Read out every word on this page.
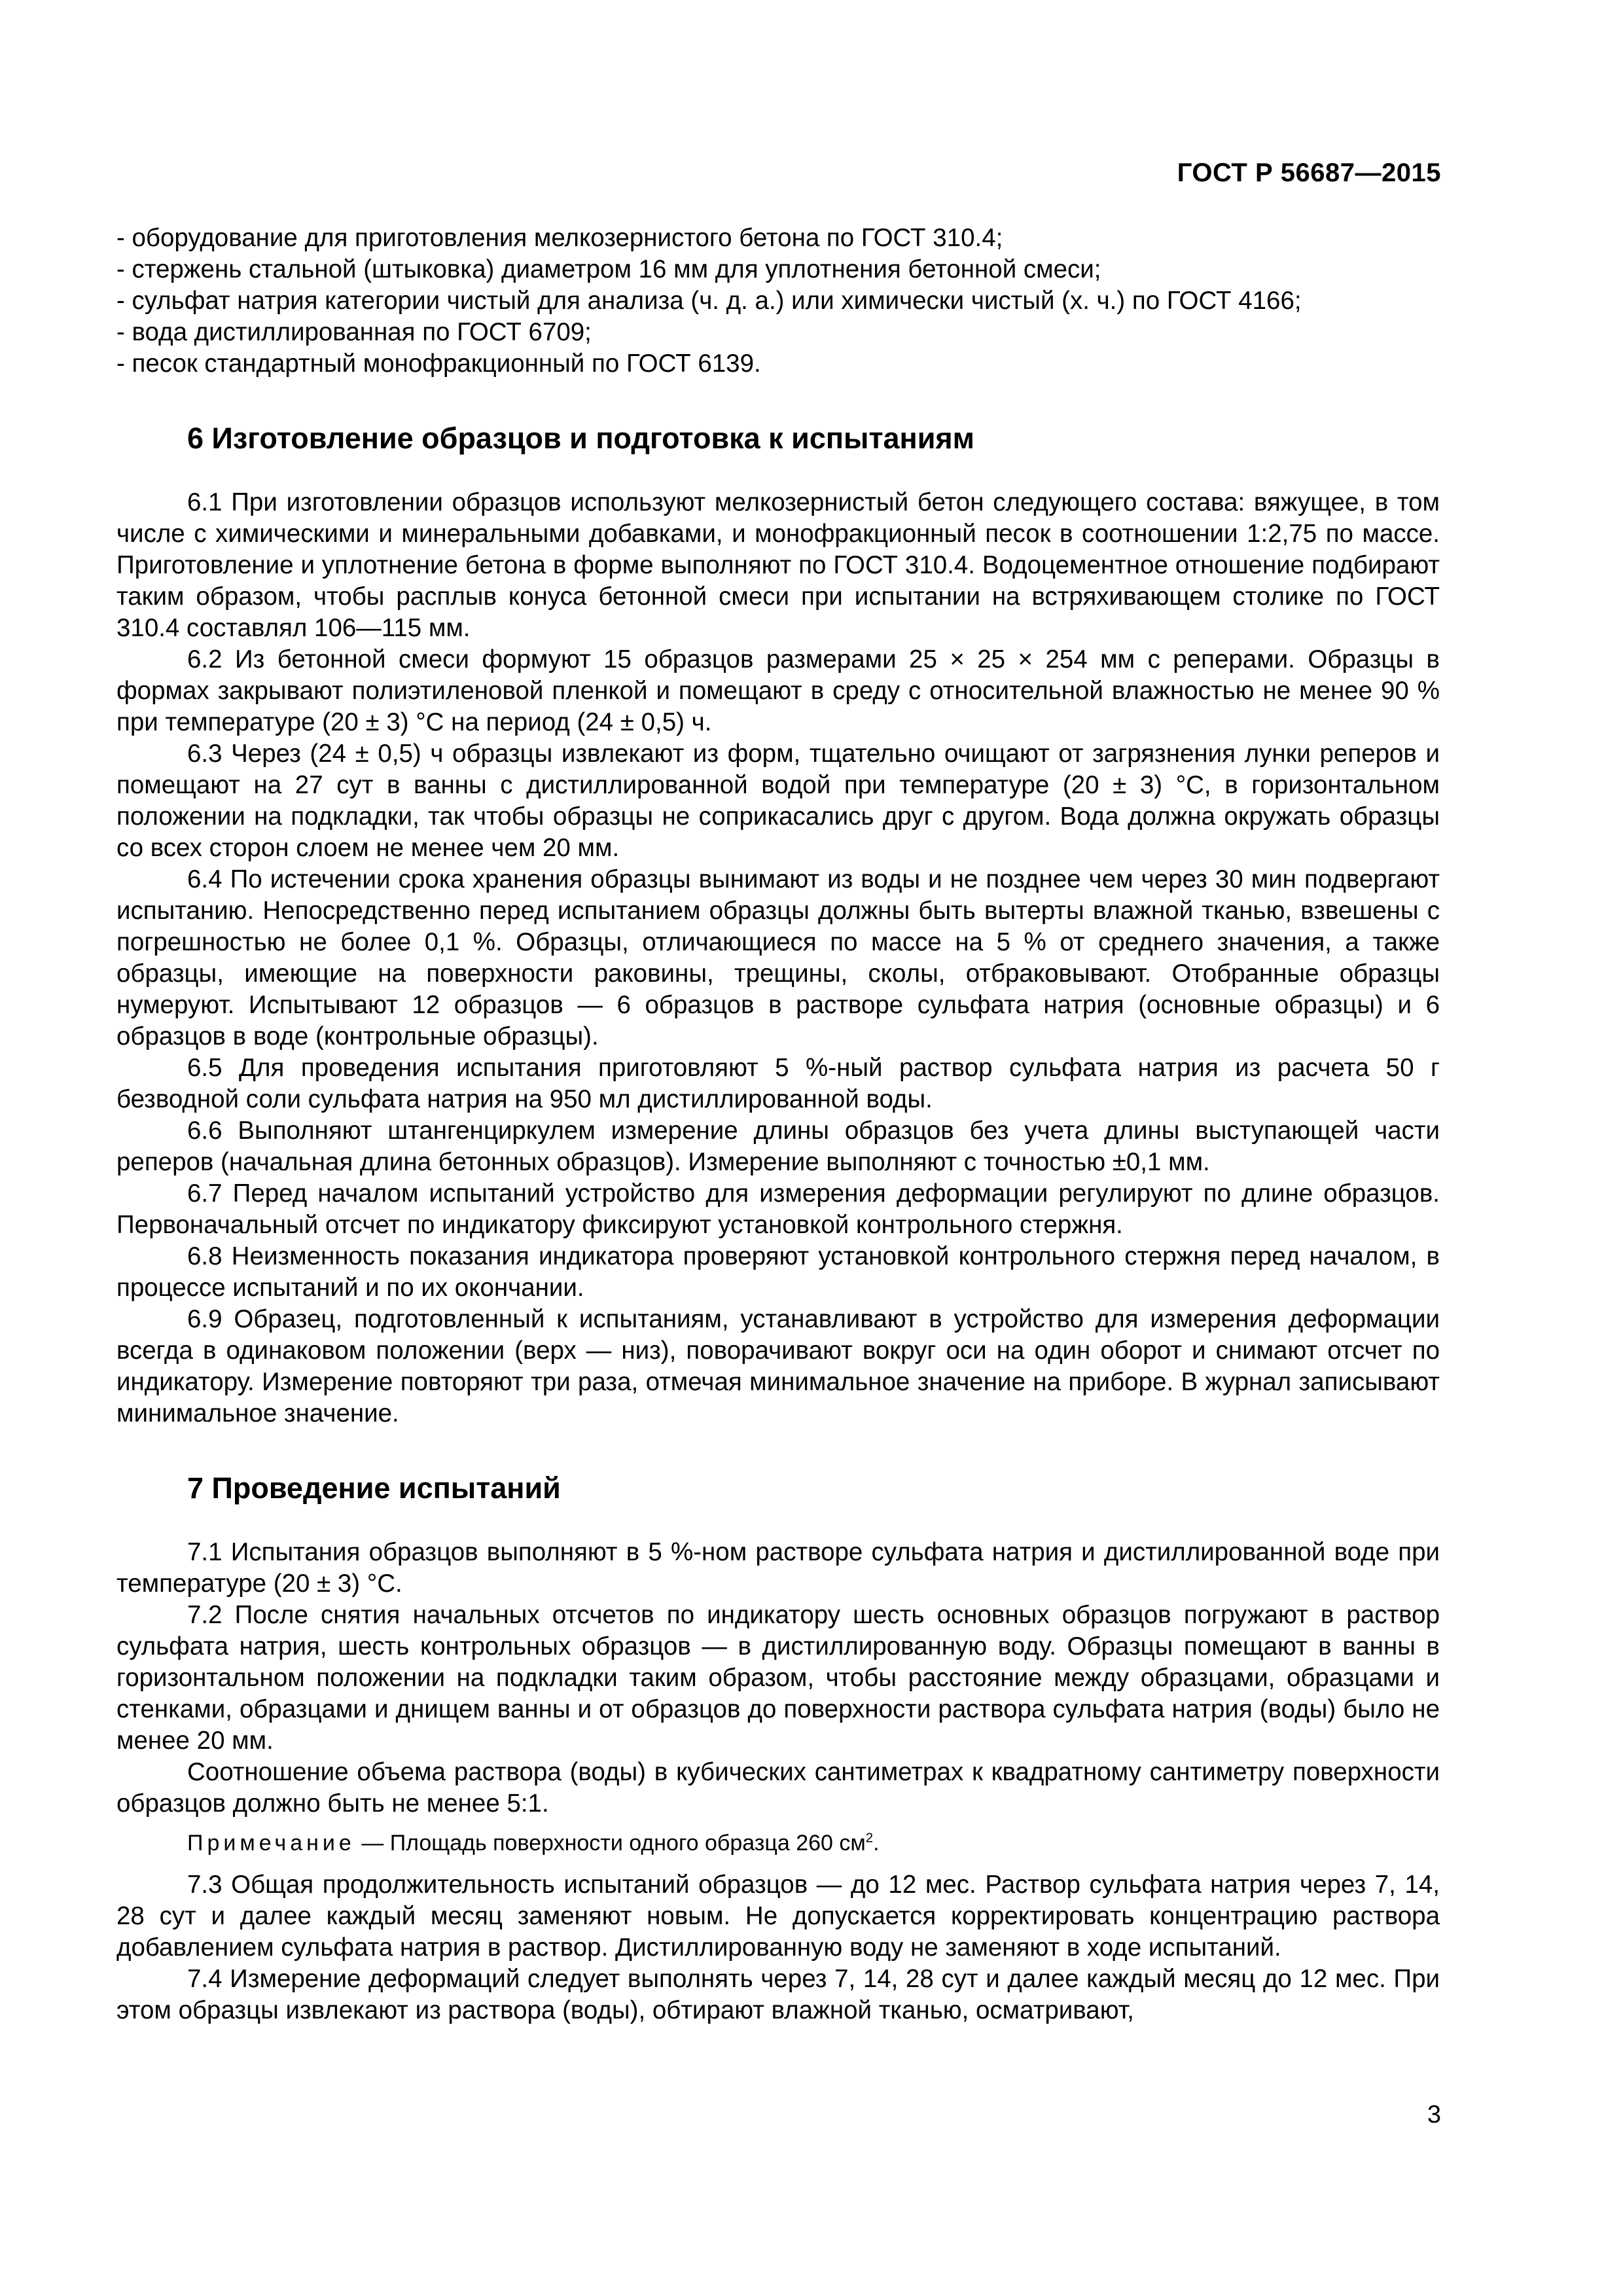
ГОСТ Р 56687—2015

- оборудование для приготовления мелкозернистого бетона по ГОСТ 310.4;

- стержень стальной (штыковка) диаметром 16 мм для уплотнения бетонной смеси;

- сульфат натрия категории чистый для анализа (ч. д. а.) или химически чистый (х. ч.) по ГОСТ 4166;

- вода дистиллированная по ГОСТ 6709;

- песок стандартный монофракционный по ГОСТ 6139.

6 Изготовление образцов и подготовка к испытаниям

6.1 При изготовлении образцов используют мелкозернистый бетон следующего состава: вяжущее, в том числе с химическими и минеральными добавками, и монофракционный песок в соотношении 1:2,75 по массе. Приготовление и уплотнение бетона в форме выполняют по ГОСТ 310.4. Водоцементное отношение подбирают таким образом, чтобы расплыв конуса бетонной смеси при испытании на встряхивающем столике по ГОСТ 310.4 составлял 106—115 мм.

6.2 Из бетонной смеси формуют 15 образцов размерами 25 × 25 × 254 мм с реперами. Образцы в формах закрывают полиэтиленовой пленкой и помещают в среду с относительной влажностью не менее 90 % при температуре (20 ± 3) °С на период (24 ± 0,5) ч.

6.3 Через (24 ± 0,5) ч образцы извлекают из форм, тщательно очищают от загрязнения лунки реперов и помещают на 27 сут в ванны с дистиллированной водой при температуре (20 ± 3) °С, в горизонтальном положении на подкладки, так чтобы образцы не соприкасались друг с другом. Вода должна окружать образцы со всех сторон слоем не менее чем 20 мм.

6.4 По истечении срока хранения образцы вынимают из воды и не позднее чем через 30 мин подвергают испытанию. Непосредственно перед испытанием образцы должны быть вытерты влажной тканью, взвешены с погрешностью не более 0,1 %. Образцы, отличающиеся по массе на 5 % от среднего значения, а также образцы, имеющие на поверхности раковины, трещины, сколы, отбраковывают. Отобранные образцы нумеруют. Испытывают 12 образцов — 6 образцов в растворе сульфата натрия (основные образцы) и 6 образцов в воде (контрольные образцы).

6.5 Для проведения испытания приготовляют 5 %-ный раствор сульфата натрия из расчета 50 г безводной соли сульфата натрия на 950 мл дистиллированной воды.

6.6 Выполняют штангенциркулем измерение длины образцов без учета длины выступающей части реперов (начальная длина бетонных образцов). Измерение выполняют с точностью ±0,1 мм.

6.7 Перед началом испытаний устройство для измерения деформации регулируют по длине образцов. Первоначальный отсчет по индикатору фиксируют установкой контрольного стержня.

6.8 Неизменность показания индикатора проверяют установкой контрольного стержня перед началом, в процессе испытаний и по их окончании.

6.9 Образец, подготовленный к испытаниям, устанавливают в устройство для измерения деформации всегда в одинаковом положении (верх — низ), поворачивают вокруг оси на один оборот и снимают отсчет по индикатору. Измерение повторяют три раза, отмечая минимальное значение на приборе. В журнал записывают минимальное значение.

7 Проведение испытаний

7.1 Испытания образцов выполняют в 5 %-ном растворе сульфата натрия и дистиллированной воде при температуре (20 ± 3) °С.

7.2 После снятия начальных отсчетов по индикатору шесть основных образцов погружают в раствор сульфата натрия, шесть контрольных образцов — в дистиллированную воду. Образцы помещают в ванны в горизонтальном положении на подкладки таким образом, чтобы расстояние между образцами, образцами и стенками, образцами и днищем ванны и от образцов до поверхности раствора сульфата натрия (воды) было не менее 20 мм.

Соотношение объема раствора (воды) в кубических сантиметрах к квадратному сантиметру поверхности образцов должно быть не менее 5:1.

Примечание — Площадь поверхности одного образца 260 $см^2$.

7.3 Общая продолжительность испытаний образцов — до 12 мес. Раствор сульфата натрия через 7, 14, 28 сут и далее каждый месяц заменяют новым. Не допускается корректировать концентрацию раствора добавлением сульфата натрия в раствор. Дистиллированную воду не заменяют в ходе испытаний.

7.4 Измерение деформаций следует выполнять через 7, 14, 28 сут и далее каждый месяц до 12 мес. При этом образцы извлекают из раствора (воды), обтирают влажной тканью, осматривают,

3
